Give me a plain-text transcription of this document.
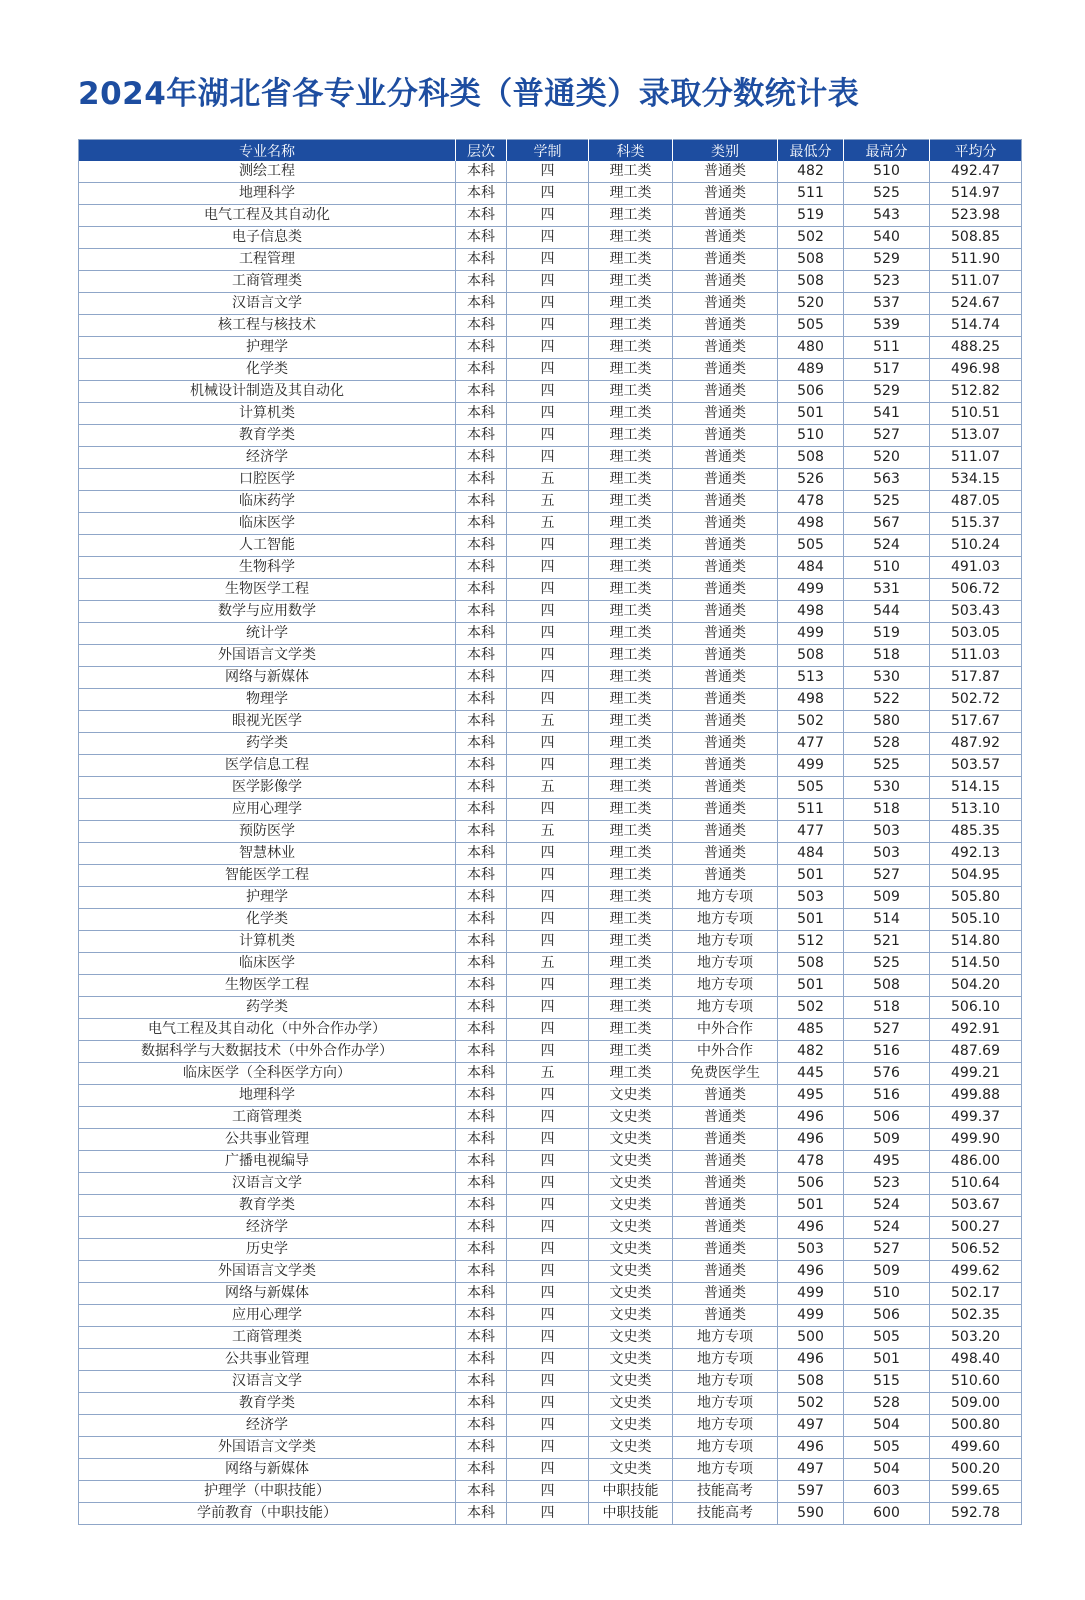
2024年湖北省各专业分科类（普通类）录取分数统计表
专业名称	层次	学制	科类	类别	最低分	最高分	平均分
测绘工程	本科	四	理工类	普通类	482	510	492.47
地理科学	本科	四	理工类	普通类	511	525	514.97
电气工程及其自动化	本科	四	理工类	普通类	519	543	523.98
电子信息类	本科	四	理工类	普通类	502	540	508.85
工程管理	本科	四	理工类	普通类	508	529	511.90
工商管理类	本科	四	理工类	普通类	508	523	511.07
汉语言文学	本科	四	理工类	普通类	520	537	524.67
核工程与核技术	本科	四	理工类	普通类	505	539	514.74
护理学	本科	四	理工类	普通类	480	511	488.25
化学类	本科	四	理工类	普通类	489	517	496.98
机械设计制造及其自动化	本科	四	理工类	普通类	506	529	512.82
计算机类	本科	四	理工类	普通类	501	541	510.51
教育学类	本科	四	理工类	普通类	510	527	513.07
经济学	本科	四	理工类	普通类	508	520	511.07
口腔医学	本科	五	理工类	普通类	526	563	534.15
临床药学	本科	五	理工类	普通类	478	525	487.05
临床医学	本科	五	理工类	普通类	498	567	515.37
人工智能	本科	四	理工类	普通类	505	524	510.24
生物科学	本科	四	理工类	普通类	484	510	491.03
生物医学工程	本科	四	理工类	普通类	499	531	506.72
数学与应用数学	本科	四	理工类	普通类	498	544	503.43
统计学	本科	四	理工类	普通类	499	519	503.05
外国语言文学类	本科	四	理工类	普通类	508	518	511.03
网络与新媒体	本科	四	理工类	普通类	513	530	517.87
物理学	本科	四	理工类	普通类	498	522	502.72
眼视光医学	本科	五	理工类	普通类	502	580	517.67
药学类	本科	四	理工类	普通类	477	528	487.92
医学信息工程	本科	四	理工类	普通类	499	525	503.57
医学影像学	本科	五	理工类	普通类	505	530	514.15
应用心理学	本科	四	理工类	普通类	511	518	513.10
预防医学	本科	五	理工类	普通类	477	503	485.35
智慧林业	本科	四	理工类	普通类	484	503	492.13
智能医学工程	本科	四	理工类	普通类	501	527	504.95
护理学	本科	四	理工类	地方专项	503	509	505.80
化学类	本科	四	理工类	地方专项	501	514	505.10
计算机类	本科	四	理工类	地方专项	512	521	514.80
临床医学	本科	五	理工类	地方专项	508	525	514.50
生物医学工程	本科	四	理工类	地方专项	501	508	504.20
药学类	本科	四	理工类	地方专项	502	518	506.10
电气工程及其自动化（中外合作办学）	本科	四	理工类	中外合作	485	527	492.91
数据科学与大数据技术（中外合作办学）	本科	四	理工类	中外合作	482	516	487.69
临床医学（全科医学方向）	本科	五	理工类	免费医学生	445	576	499.21
地理科学	本科	四	文史类	普通类	495	516	499.88
工商管理类	本科	四	文史类	普通类	496	506	499.37
公共事业管理	本科	四	文史类	普通类	496	509	499.90
广播电视编导	本科	四	文史类	普通类	478	495	486.00
汉语言文学	本科	四	文史类	普通类	506	523	510.64
教育学类	本科	四	文史类	普通类	501	524	503.67
经济学	本科	四	文史类	普通类	496	524	500.27
历史学	本科	四	文史类	普通类	503	527	506.52
外国语言文学类	本科	四	文史类	普通类	496	509	499.62
网络与新媒体	本科	四	文史类	普通类	499	510	502.17
应用心理学	本科	四	文史类	普通类	499	506	502.35
工商管理类	本科	四	文史类	地方专项	500	505	503.20
公共事业管理	本科	四	文史类	地方专项	496	501	498.40
汉语言文学	本科	四	文史类	地方专项	508	515	510.60
教育学类	本科	四	文史类	地方专项	502	528	509.00
经济学	本科	四	文史类	地方专项	497	504	500.80
外国语言文学类	本科	四	文史类	地方专项	496	505	499.60
网络与新媒体	本科	四	文史类	地方专项	497	504	500.20
护理学（中职技能）	本科	四	中职技能	技能高考	597	603	599.65
学前教育（中职技能）	本科	四	中职技能	技能高考	590	600	592.78
